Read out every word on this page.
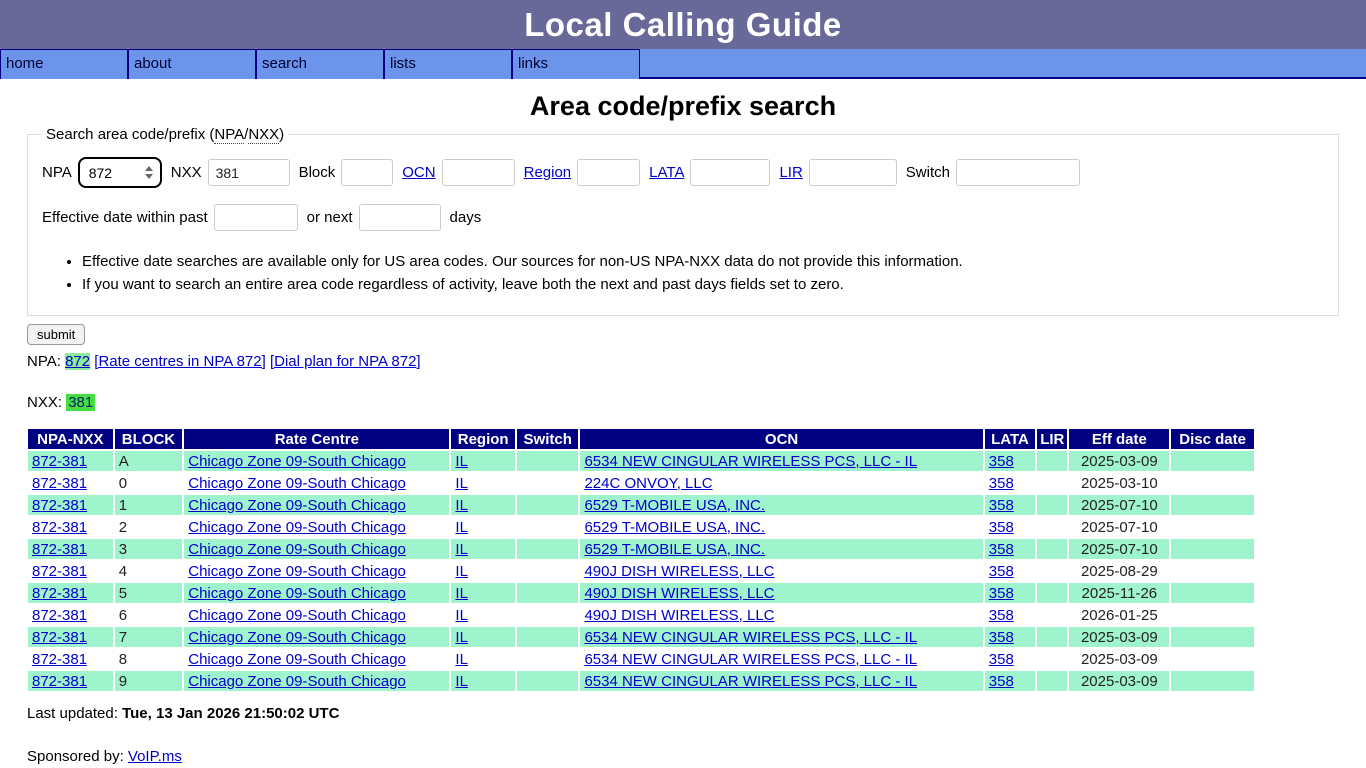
Local Calling Guide
home	about	search	lists	links
Area code/prefix search
Search area code/prefix (NPA/NXX)
NPA 872	NXX
381	Block	OCN	Region	LATA	LIR	Switch
Effective date within past	or next	days
• Effective date searches are available only for US area codes. Our sources for non-US NPA-NXX data do not provide this information.
• If you want to search an entire area code regardless of activity, leave both the next and past days fields set to zero.
submit
NPA: 872 [Rate centres in NPA 872] [Dial plan for NPA 872]
NXX: 381
NPA-NXX	BLOCK	Rate Centre	Region	Switch	OCN	LATA	LIR	Eff date	Disc date
872-381	A	Chicago Zone 09-South Chicago	IL		6534 NEW CINGULAR WIRELESS PCS, LLC - IL	358		2025-03-09	
872-381	0	Chicago Zone 09-South Chicago	IL		224C ONVOY, LLC	358		2025-03-10	
872-381	1	Chicago Zone 09-South Chicago	IL		6529 T-MOBILE USA, INC.	358		2025-07-10	
872-381	2	Chicago Zone 09-South Chicago	IL		6529 T-MOBILE USA, INC.	358		2025-07-10	
872-381	3	Chicago Zone 09-South Chicago	IL		6529 T-MOBILE USA, INC.	358		2025-07-10	
872-381	4	Chicago Zone 09-South Chicago	IL		490J DISH WIRELESS, LLC	358		2025-08-29	
872-381	5	Chicago Zone 09-South Chicago	IL		490J DISH WIRELESS, LLC	358		2025-11-26	
872-381	6	Chicago Zone 09-South Chicago	IL		490J DISH WIRELESS, LLC	358		2026-01-25	
872-381	7	Chicago Zone 09-South Chicago	IL		6534 NEW CINGULAR WIRELESS PCS, LLC - IL	358		2025-03-09	
872-381	8	Chicago Zone 09-South Chicago	IL		6534 NEW CINGULAR WIRELESS PCS, LLC - IL	358		2025-03-09	
872-381	9	Chicago Zone 09-South Chicago	IL		6534 NEW CINGULAR WIRELESS PCS, LLC - IL	358		2025-03-09	
Last updated: Tue, 13 Jan 2026 21:50:02 UTC
Sponsored by: VoIP.ms
